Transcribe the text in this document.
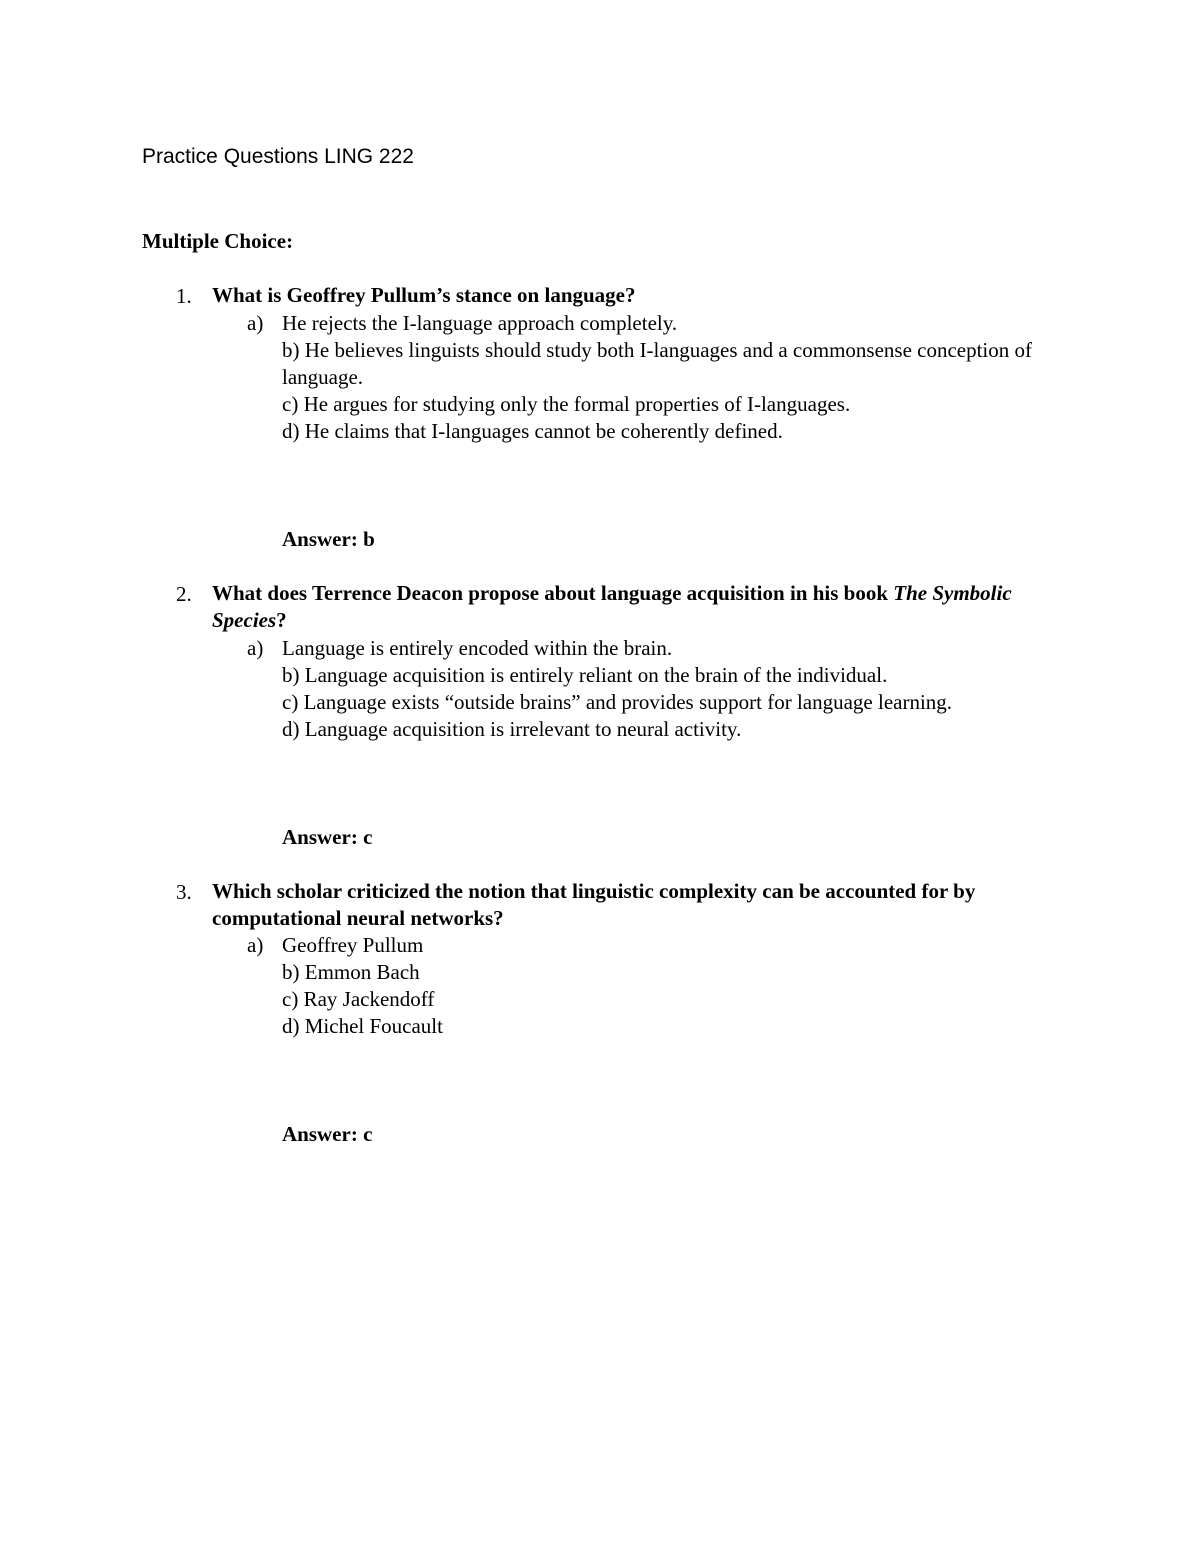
Practice Questions LING 222
Multiple Choice:
1. What is Geoffrey Pullum’s stance on language?
a) He rejects the I-language approach completely.
b) He believes linguists should study both I-languages and a commonsense conception of language.
c) He argues for studying only the formal properties of I-languages.
d) He claims that I-languages cannot be coherently defined.
Answer: b
2. What does Terrence Deacon propose about language acquisition in his book The Symbolic Species?
a) Language is entirely encoded within the brain.
b) Language acquisition is entirely reliant on the brain of the individual.
c) Language exists “outside brains” and provides support for language learning.
d) Language acquisition is irrelevant to neural activity.
Answer: c
3. Which scholar criticized the notion that linguistic complexity can be accounted for by computational neural networks?
a) Geoffrey Pullum
b) Emmon Bach
c) Ray Jackendoff
d) Michel Foucault
Answer: c
